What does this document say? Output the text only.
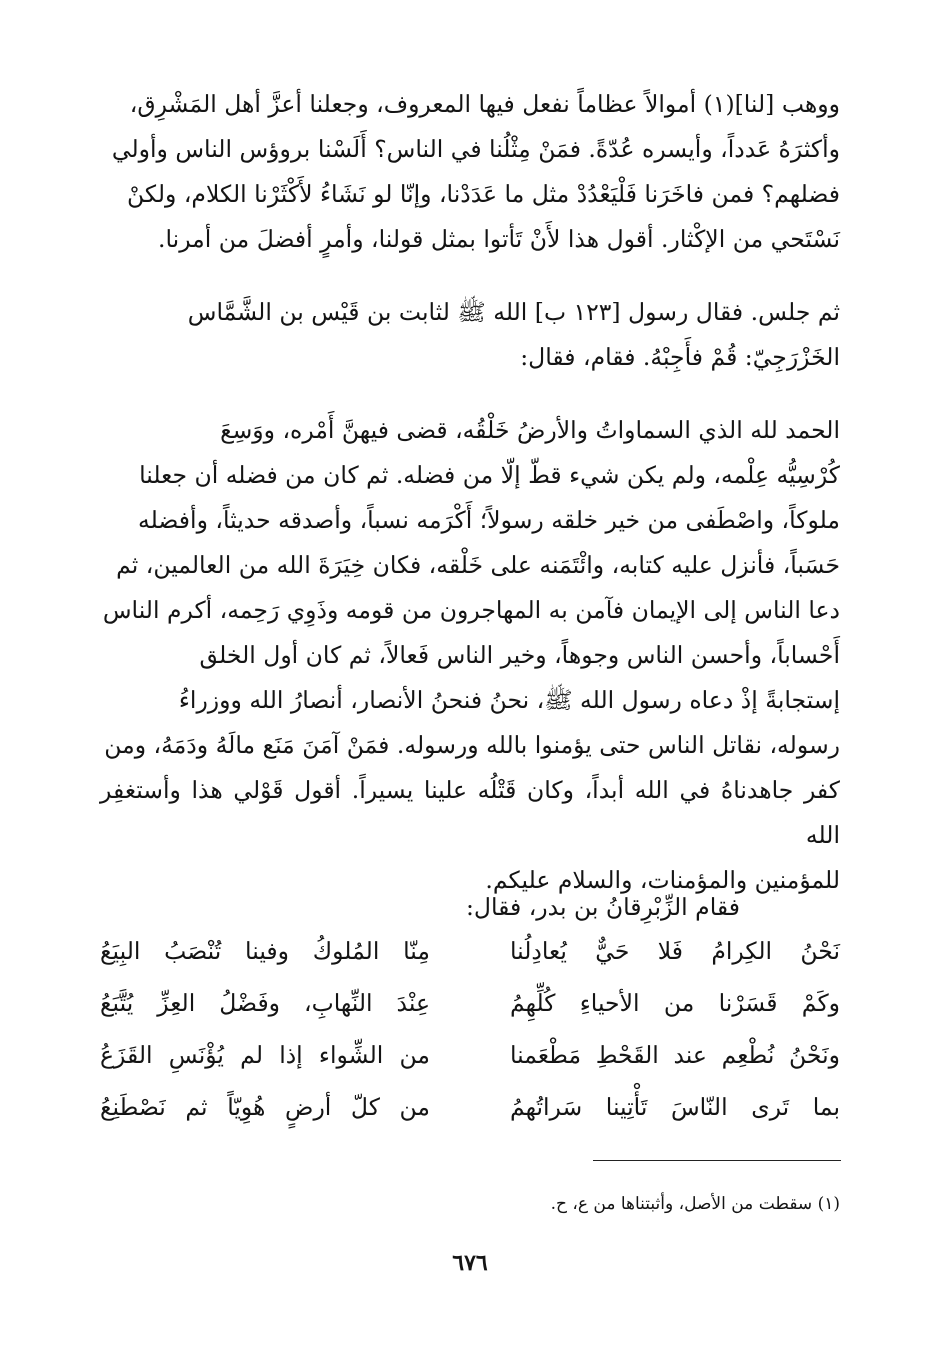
ووهب [لنا](١) أموالاً عظاماً نفعل فيها المعروف، وجعلنا أعزَّ أهل المَشْرِق،

وأكثرَهُ عَدداً، وأيسره عُدّةً. فمَنْ مِثْلُنا في الناس؟ أَلَسْنا بروؤس الناس وأولي

فضلهم؟ فمن فاخَرَنا فَلْيَعْدُدْ مثل ما عَدَدْنا، وإنّا لو نَشَاءُ لأَكْثَرْنا الكلام، ولكنْ

نَسْتَحي من الإكْثار. أقول هذا لأَنْ تَأتوا بمثل قولنا، وأمرٍ أفضلَ من أمرنا.

ثم جلس. فقال رسول [١٢٣ ب] الله ﷺ لثابت بن قَيْس بن الشَّمَّاس

الخَزْرَجِيّ: قُمْ فأَجِبْهُ. فقام، فقال:

الحمد لله الذي السماواتُ والأرضُ خَلْقُه، قضى فيهنَّ أَمْره، ووَسِعَ

كُرْسِيُّه عِلْمه، ولم يكن شيء قطّ إلّا من فضله. ثم كان من فضله أن جعلنا

ملوكاً، واصْطَفى من خير خلقه رسولاً؛ أَكْرَمه نسباً، وأصدقه حديثاً، وأفضله

حَسَباً، فأنزل عليه كتابه، وائْتَمَنه على خَلْقه، فكان خِيَرَةَ الله من العالمين، ثم

دعا الناس إلى الإيمان فآمن به المهاجرون من قومه وذَوِي رَحِمه، أكرم الناس

أَحْساباً، وأحسن الناس وجوهاً، وخير الناس فَعالاً، ثم كان أول الخلق

إستجابةً إذْ دعاه رسول الله ﷺ، نحنُ فنحنُ الأنصار، أنصارُ الله ووزراءُ

رسوله، نقاتل الناس حتى يؤمنوا بالله ورسوله. فمَنْ آمَنَ مَنَع مالَهُ ودَمَهُ، ومن

كفر جاهدناهُ في الله أبداً، وكان قَتْلُه علينا يسيراً. أقول قَوْلي هذا وأستغفِر الله

للمؤمنين والمؤمنات، والسلام عليكم.

فقام الزِّبْرِقانُ بن بدر، فقال:

نَحْنُ الكِرامُ فَلا حَيٌّ يُعادِلُنا
مِنّا المُلوكُ وفينا تُنْصَبُ البِيَعُ
وكَمْ قَسَرْنا من الأحياءِ كُلِّهِمُ
عِنْدَ النِّهابِ، وفَضْلُ العِزِّ يُتَّبَعُ
ونَحْنُ نُطْعِم عند القَحْطِ مَطْعَمنا
من الشِّواء إذا لم يُؤْنَسِ القَزَعُ
بما تَرى النّاسَ تَأْتِينا سَراتُهمُ
من كلّ أرضٍ هُوِيّاً ثم نَصْطَنِعُ

(١) سقطت من الأصل، وأثبتناها من ع، ح.

٦٧٦
